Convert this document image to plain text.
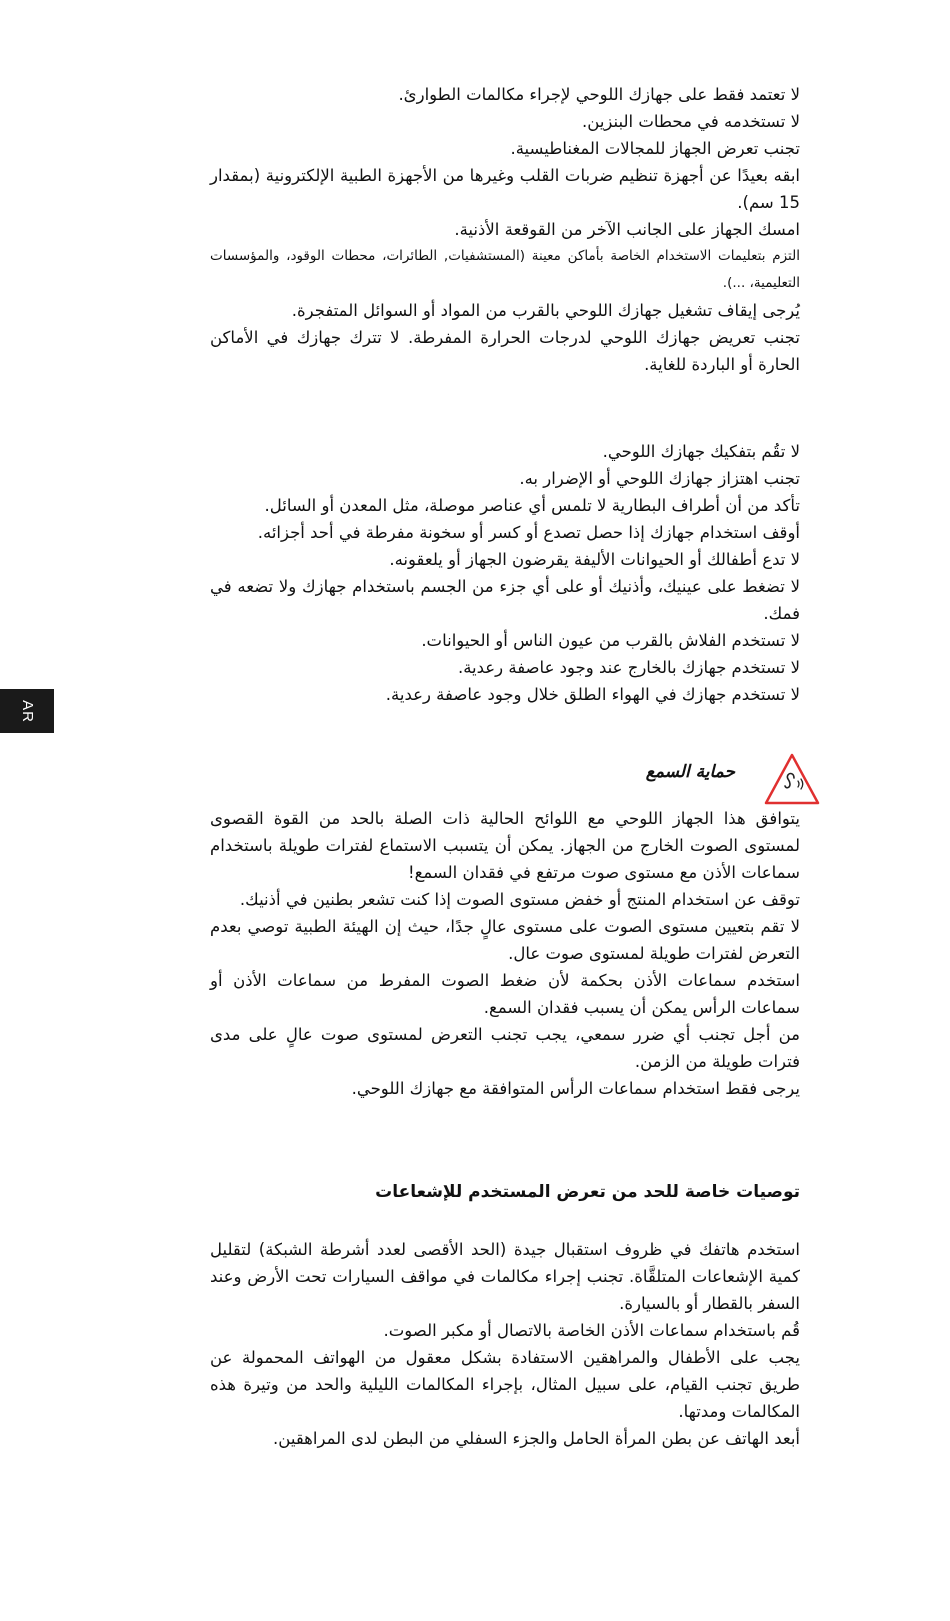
لا تعتمد فقط على جهازك اللوحي لإجراء مكالمات الطوارئ.

لا تستخدمه في محطات البنزين.

تجنب تعرض الجهاز للمجالات المغناطيسية.

ابقه بعيدًا عن أجهزة تنظيم ضربات القلب وغيرها من الأجهزة الطبية الإلكترونية (بمقدار 15 سم).

امسك الجهاز على الجانب الآخر من القوقعة الأذنية.

التزم بتعليمات الاستخدام الخاصة بأماكن معينة (المستشفيات, الطائرات، محطات الوقود، والمؤسسات التعليمية، ...).

يُرجى إيقاف تشغيل جهازك اللوحي بالقرب من المواد أو السوائل المتفجرة.

تجنب تعريض جهازك اللوحي لدرجات الحرارة المفرطة. لا تترك جهازك في الأماكن الحارة أو الباردة للغاية.

لا تقُم بتفكيك جهازك اللوحي.

تجنب اهتزاز جهازك اللوحي أو الإضرار به.

تأكد من أن أطراف البطارية لا تلمس أي عناصر موصلة، مثل المعدن أو السائل.

أوقف استخدام جهازك إذا حصل تصدع أو كسر أو سخونة مفرطة في أحد أجزائه.

لا تدع أطفالك أو الحيوانات الأليفة يقرضون الجهاز أو يلعقونه.

لا تضغط على عينيك، وأذنيك أو على أي جزء من الجسم باستخدام جهازك ولا تضعه في فمك.

لا تستخدم الفلاش بالقرب من عيون الناس أو الحيوانات.

لا تستخدم جهازك بالخارج عند وجود عاصفة رعدية.

لا تستخدم جهازك في الهواء الطلق خلال وجود عاصفة رعدية.

AR
حماية السمع

يتوافق هذا الجهاز اللوحي مع اللوائح الحالية ذات الصلة بالحد من القوة القصوى لمستوى الصوت الخارج من الجهاز. يمكن أن يتسبب الاستماع لفترات طويلة باستخدام سماعات الأذن مع مستوى صوت مرتفع في فقدان السمع!

توقف عن استخدام المنتج أو خفض مستوى الصوت إذا كنت تشعر بطنين في أذنيك.

لا تقم بتعيين مستوى الصوت على مستوى عالٍ جدًا، حيث إن الهيئة الطبية توصي بعدم التعرض لفترات طويلة لمستوى صوت عال.

استخدم سماعات الأذن بحكمة لأن ضغط الصوت المفرط من سماعات الأذن أو سماعات الرأس يمكن أن يسبب فقدان السمع.

من أجل تجنب أي ضرر سمعي، يجب تجنب التعرض لمستوى صوت عالٍ على مدى فترات طويلة من الزمن.

يرجى فقط استخدام سماعات الرأس المتوافقة مع جهازك اللوحي.

توصيات خاصة للحد من تعرض المستخدم للإشعاعات

استخدم هاتفك في ظروف استقبال جيدة (الحد الأقصى لعدد أشرطة الشبكة) لتقليل كمية الإشعاعات المتلقَّاة. تجنب إجراء مكالمات في مواقف السيارات تحت الأرض وعند السفر بالقطار أو بالسيارة.

قُم باستخدام سماعات الأذن الخاصة بالاتصال أو مكبر الصوت.

يجب على الأطفال والمراهقين الاستفادة بشكل معقول من الهواتف المحمولة عن طريق تجنب القيام، على سبيل المثال، بإجراء المكالمات الليلية والحد من وتيرة هذه المكالمات ومدتها.

أبعد الهاتف عن بطن المرأة الحامل والجزء السفلي من البطن لدى المراهقين.
